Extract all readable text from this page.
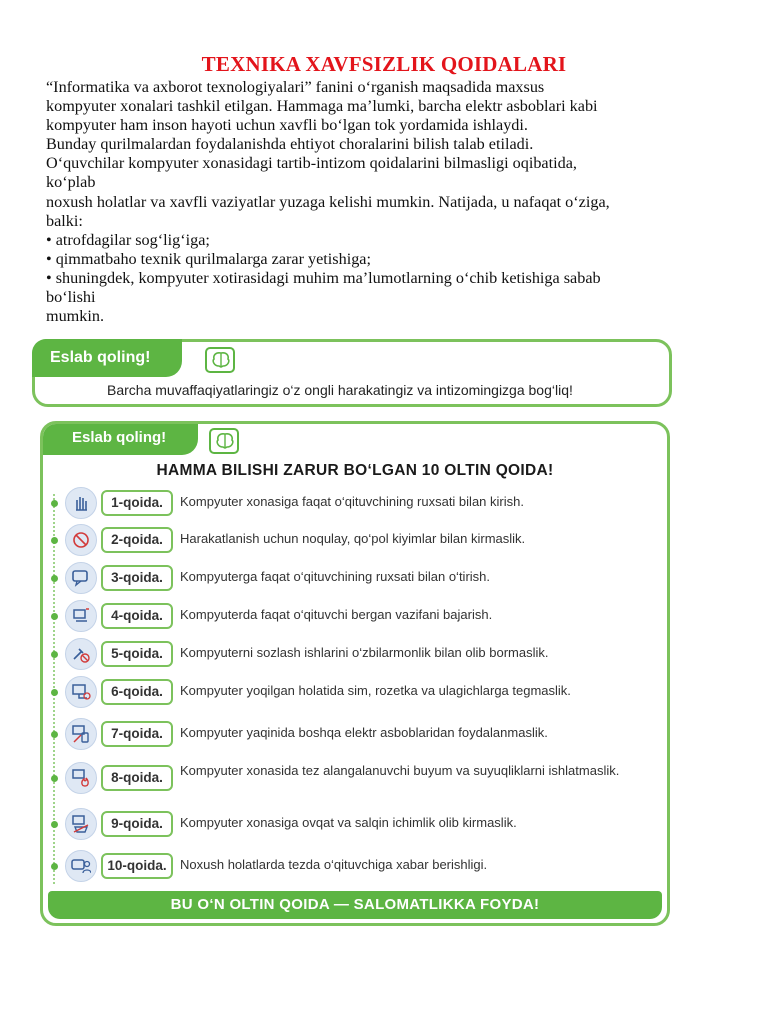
TEXNIKA XAVFSIZLIK QOIDALARI
“Informatika va axborot texnologiyalari” fanini o‘rganish maqsadida maxsus
kompyuter xonalari tashkil etilgan. Hammaga ma’lumki, barcha elektr asboblari kabi
kompyuter ham inson hayoti uchun xavfli bo‘lgan tok yordamida ishlaydi.
Bunday qurilmalardan foydalanishda ehtiyot choralarini bilish talab etiladi.
O‘quvchilar kompyuter xonasidagi tartib-intizom qoidalarini bilmasligi oqibatida,
ko‘plab
noxush holatlar va xavfli vaziyatlar yuzaga kelishi mumkin. Natijada, u nafaqat o‘ziga,
balki:
• atrofdagilar sog‘lig‘iga;
• qimmatbaho texnik qurilmalarga zarar yetishiga;
• shuningdek, kompyuter xotirasidagi muhim ma’lumotlarning o‘chib ketishiga sabab
bo‘lishi
mumkin.
Eslab qoling!
Barcha muvaffaqiyatlaringiz o‘z ongli harakatingiz va intizomingizga bog‘liq!
Eslab qoling!
HAMMA BILISHI ZARUR BO‘LGAN 10 OLTIN QOIDA!
1-qoida.	Kompyuter xonasiga faqat o‘qituvchining ruxsati bilan kirish.
2-qoida.	Harakatlanish uchun noqulay, qo‘pol kiyimlar bilan kirmaslik.
3-qoida.	Kompyuterga faqat o‘qituvchining ruxsati bilan o‘tirish.
4-qoida.	Kompyuterda faqat o‘qituvchi bergan vazifani bajarish.
5-qoida.	Kompyuterni sozlash ishlarini o‘zbilarmonlik bilan olib bormaslik.
6-qoida.	Kompyuter yoqilgan holatida sim, rozetka va ulagichlarga tegmaslik.
7-qoida.	Kompyuter yaqinida boshqa elektr asboblaridan foydalanmaslik.
8-qoida.	Kompyuter xonasida tez alangalanuvchi buyum va suyuqliklarni ishlatmaslik.
9-qoida.	Kompyuter xonasiga ovqat va salqin ichimlik olib kirmaslik.
10-qoida.	Noxush holatlarda tezda o‘qituvchiga xabar berishligi.
BU O‘N OLTIN QOIDA — SALOMATLIKKA FOYDA!
